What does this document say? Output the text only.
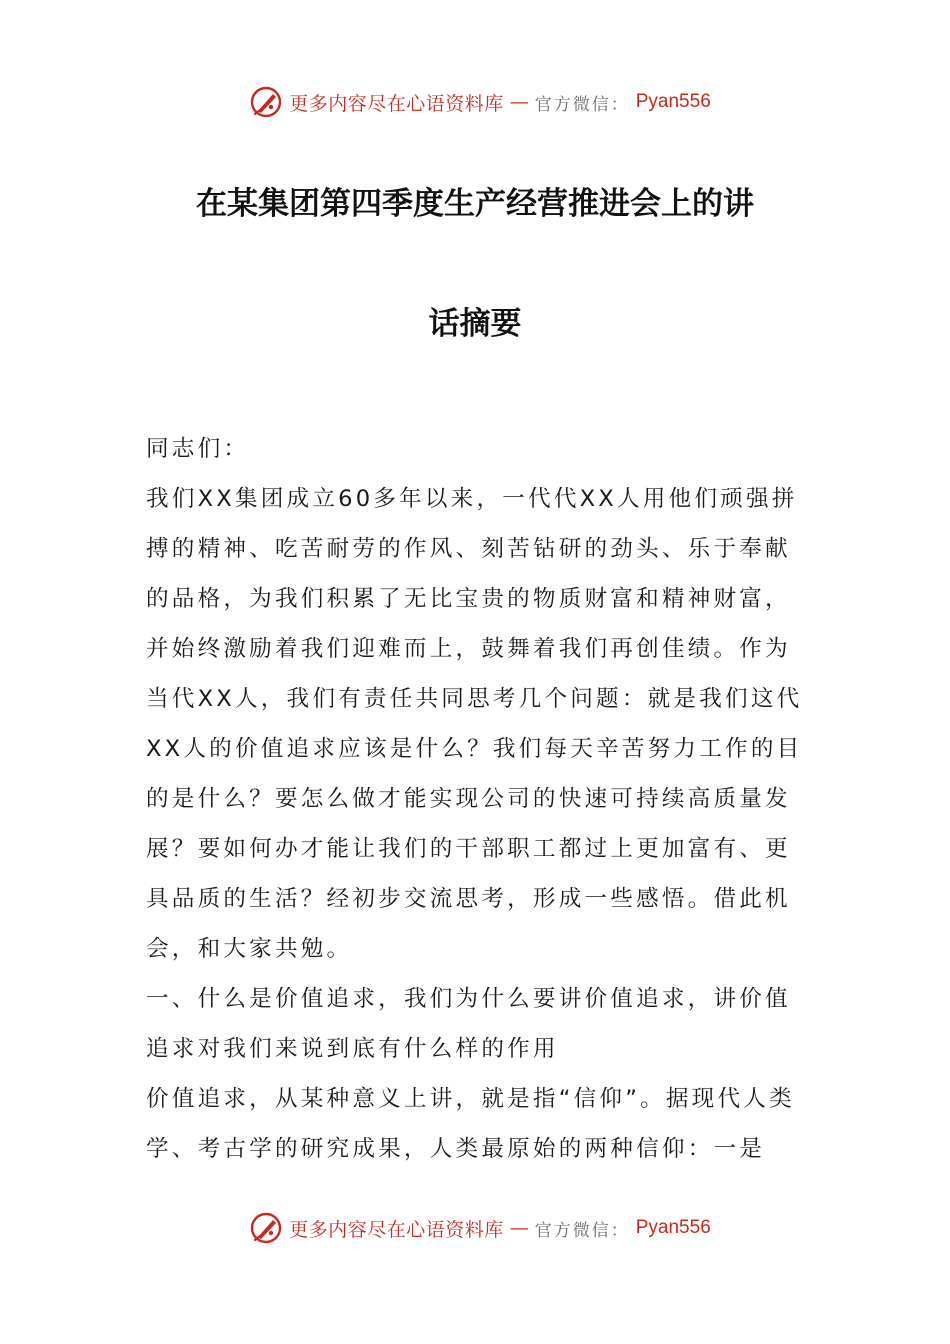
更多内容尽在心语资料库 — 官方微信： Pyan556
在某集团第四季度生产经营推进会上的讲
话摘要

同志们：

我们XX集团成立60多年以来，一代代XX人用他们顽强拼搏的精神、吃苦耐劳的作风、刻苦钻研的劲头、乐于奉献的品格，为我们积累了无比宝贵的物质财富和精神财富，并始终激励着我们迎难而上，鼓舞着我们再创佳绩。作为当代XX人，我们有责任共同思考几个问题：就是我们这代XX人的价值追求应该是什么？我们每天辛苦努力工作的目的是什么？要怎么做才能实现公司的快速可持续高质量发展？要如何办才能让我们的干部职工都过上更加富有、更具品质的生活？经初步交流思考，形成一些感悟。借此机会，和大家共勉。

一、什么是价值追求，我们为什么要讲价值追求，讲价值追求对我们来说到底有什么样的作用

价值追求，从某种意义上讲，就是指“信仰”。据现代人类学、考古学的研究成果，人类最原始的两种信仰：一是

更多内容尽在心语资料库 — 官方微信： Pyan556
